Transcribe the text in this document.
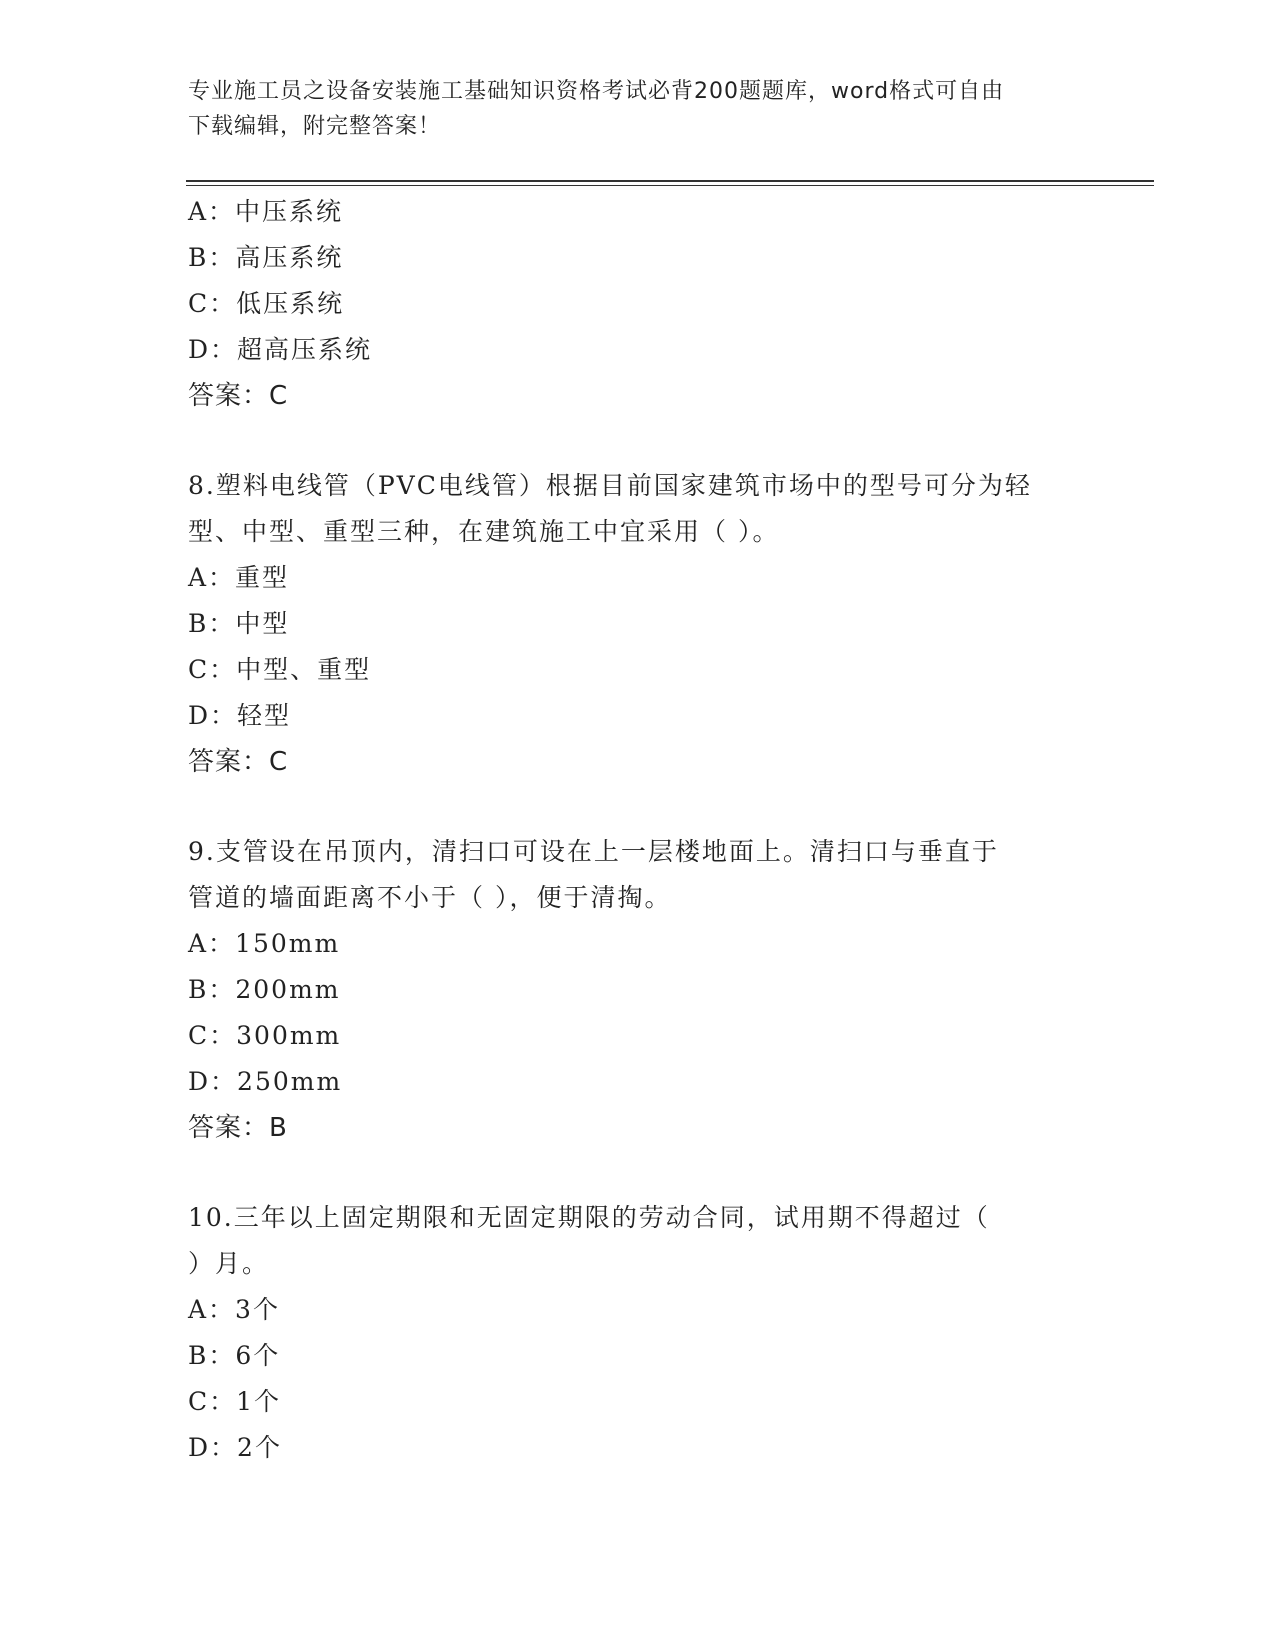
专业施工员之设备安装施工基础知识资格考试必背200题题库，word格式可自由
下载编辑，附完整答案！
A：中压系统
B：高压系统
C：低压系统
D：超高压系统
答案：C
8.塑料电线管（PVC电线管）根据目前国家建筑市场中的型号可分为轻
型、中型、重型三种，在建筑施工中宜采用（ ）。
A：重型
B：中型
C：中型、重型
D：轻型
答案：C
9.支管设在吊顶内，清扫口可设在上一层楼地面上。清扫口与垂直于
管道的墙面距离不小于（ ），便于清掏。
A：150mm
B：200mm
C：300mm
D：250mm
答案：B
10.三年以上固定期限和无固定期限的劳动合同，试用期不得超过（
）月。
A：3个
B：6个
C：1个
D：2个
